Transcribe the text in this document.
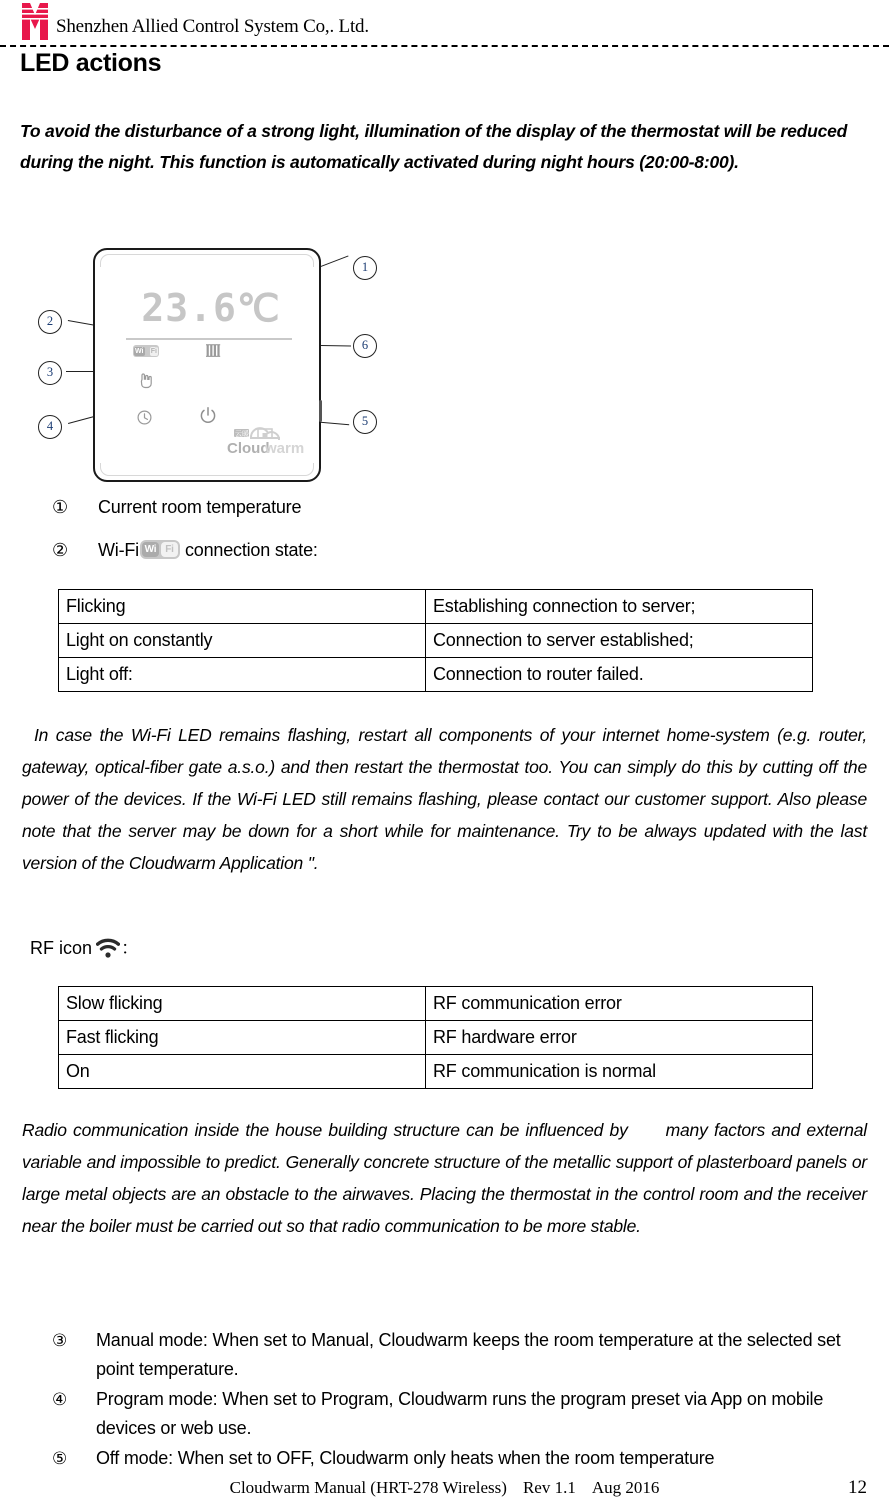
Shenzhen Allied Control System Co,. Ltd.
LED actions
To avoid the disturbance of a strong light, illumination of the display of the thermostat will be reduced during the night. This function is automatically activated during night hours (20:00-8:00).
23.6℃
Wi Fi
云暖
Cloud
warm
2
3
4
1
6
5
①	Current room temperature
②	Wi-Fi Wi Fi connection state:
Flicking	Establishing connection to server;
Light on constantly	Connection to server established;
Light off:	Connection to router failed.
In case the Wi-Fi LED remains flashing, restart all components of your internet home-system (e.g. router, gateway, optical-fiber gate a.s.o.) and then restart the thermostat too. You can simply do this by cutting off the power of the devices. If the Wi-Fi LED still remains flashing, please contact our customer support. Also please note that the server may be down for a short while for maintenance. Try to be always updated with the last version of the Cloudwarm Application ".
RF icon ：
Slow flicking	RF communication error
Fast flicking	RF hardware error
On	RF communication is normal
Radio communication inside the house building structure can be influenced by      many factors and external variable and impossible to predict. Generally concrete structure of the metallic support of plasterboard panels or large metal objects are an obstacle to the airwaves. Placing the thermostat in the control room and the receiver near the boiler must be carried out so that radio communication to be more stable.
③	Manual mode: When set to Manual, Cloudwarm keeps the room temperature at the selected set point temperature.
④	Program mode: When set to Program, Cloudwarm runs the program preset via App on mobile devices or web use.
⑤	Off mode: When set to OFF, Cloudwarm only heats when the room temperature
Cloudwarm Manual (HRT-278 Wireless) Rev 1.1 Aug 2016	12
